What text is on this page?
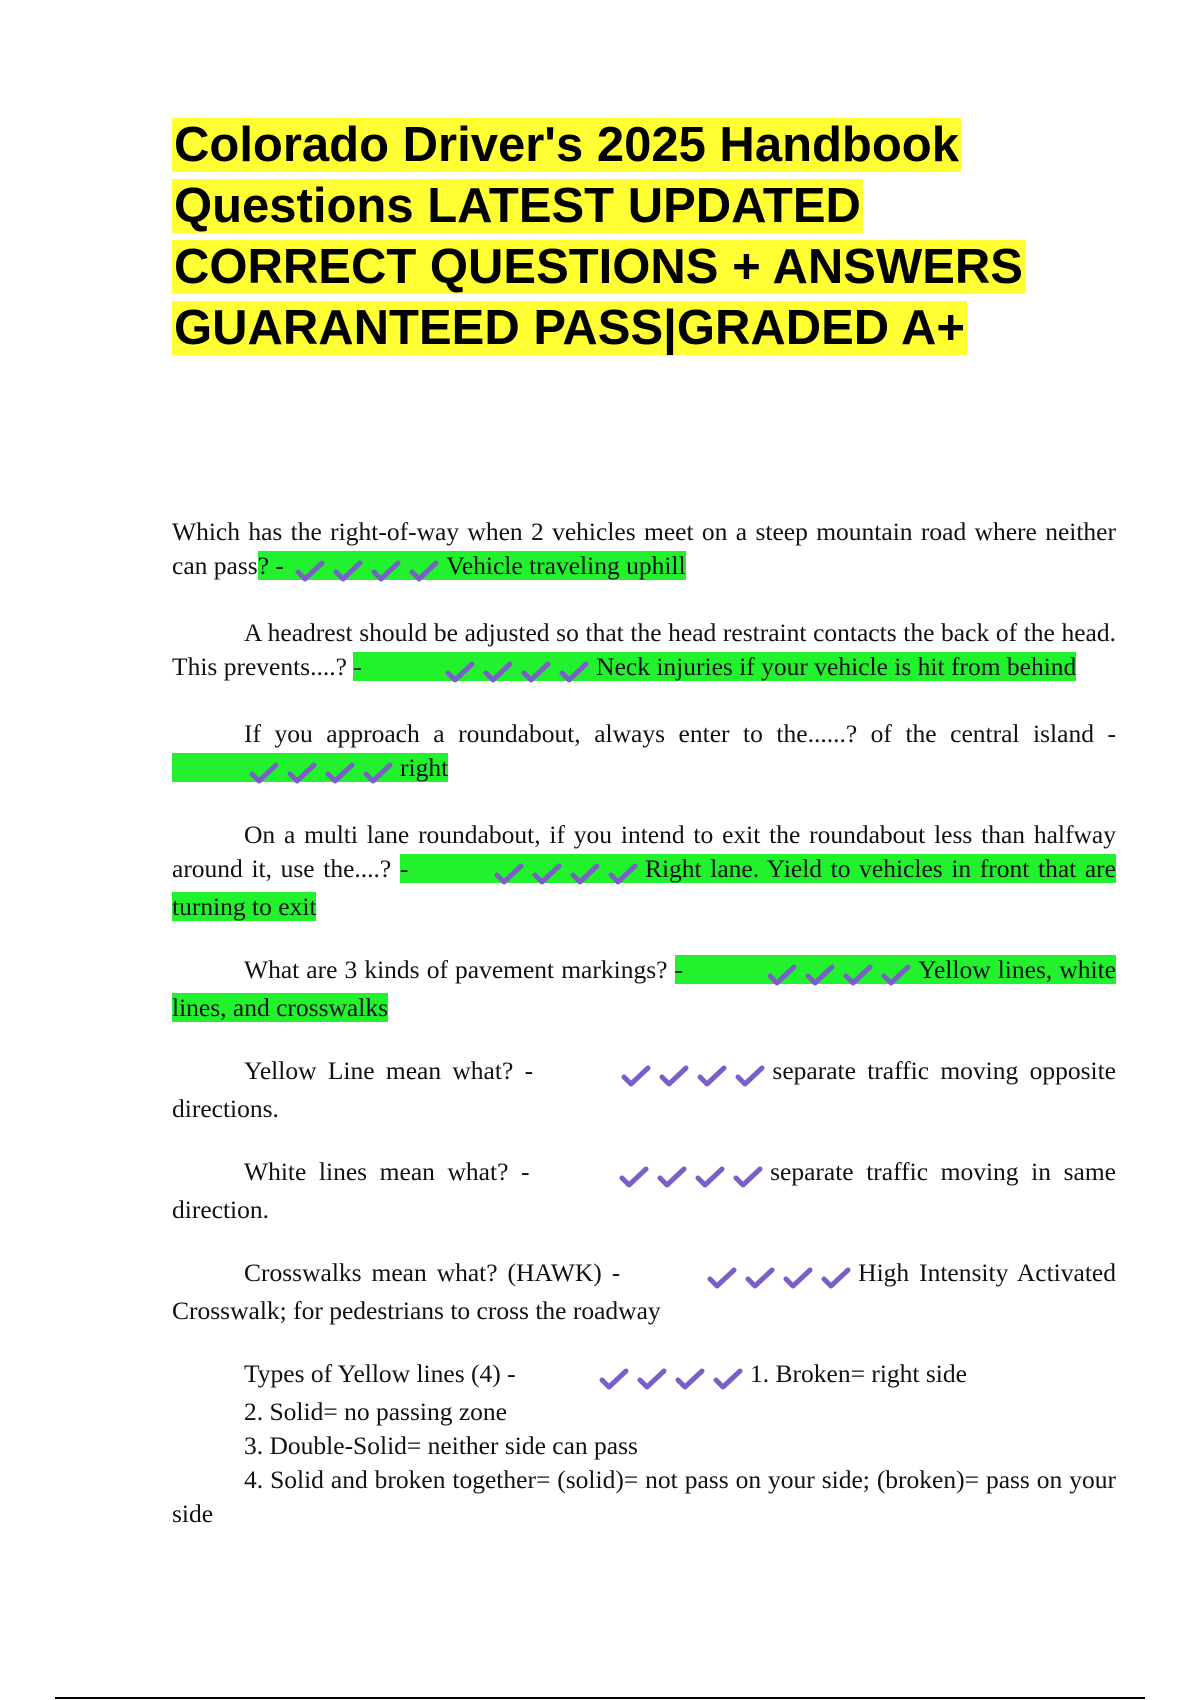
Colorado Driver's 2025 Handbook
Questions LATEST UPDATED
CORRECT QUESTIONS + ANSWERS
GUARANTEED PASS|GRADED A+

Which has the right-of-way when 2 vehicles meet on a steep mountain road where neither can pass? -	Vehicle traveling uphill

A headrest should be adjusted so that the head restraint contacts the back of the head. This prevents....? -	Neck injuries if your vehicle is hit from behind

If you approach a roundabout, always enter to the......? of the central island -
right

On a multi lane roundabout, if you intend to exit the roundabout less than halfway around it, use the....? -	Right lane. Yield to vehicles in front that are turning to exit

What are 3 kinds of pavement markings? -	Yellow lines, white lines, and crosswalks

Yellow Line mean what? -	separate traffic moving opposite directions.

White lines mean what? -	separate traffic moving in same direction.

Crosswalks mean what? (HAWK) -	High Intensity Activated Crosswalk; for pedestrians to cross the roadway

Types of Yellow lines (4) -	1. Broken= right side
2. Solid= no passing zone
3. Double-Solid= neither side can pass
4. Solid and broken together= (solid)= not pass on your side; (broken)= pass on your side
